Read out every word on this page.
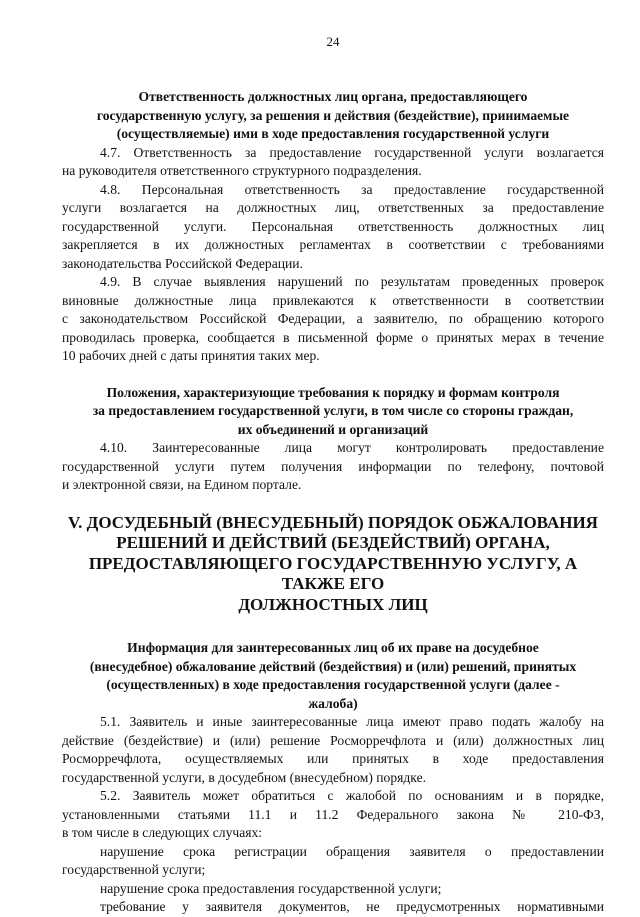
24
Ответственность должностных лиц органа, предоставляющего
государственную услугу, за решения и действия (бездействие), принимаемые
(осуществляемые) ими в ходе предоставления государственной услуги
4.7. Ответственность за предоставление государственной услуги возлагается
на руководителя ответственного структурного подразделения.
4.8. Персональная ответственность за предоставление государственной
услуги возлагается на должностных лиц, ответственных за предоставление
государственной услуги. Персональная ответственность должностных лиц
закрепляется в их должностных регламентах в соответствии с требованиями
законодательства Российской Федерации.
4.9. В случае выявления нарушений по результатам проведенных проверок
виновные должностные лица привлекаются к ответственности в соответствии
с законодательством Российской Федерации, а заявителю, по обращению которого
проводилась проверка, сообщается в письменной форме о принятых мерах в течение
10 рабочих дней с даты принятия таких мер.
Положения, характеризующие требования к порядку и формам контроля
за предоставлением государственной услуги, в том числе со стороны граждан,
их объединений и организаций
4.10. Заинтересованные лица могут контролировать предоставление
государственной услуги путем получения информации по телефону, почтовой
и электронной связи, на Едином портале.
V. ДОСУДЕБНЫЙ (ВНЕСУДЕБНЫЙ) ПОРЯДОК ОБЖАЛОВАНИЯ
РЕШЕНИЙ И ДЕЙСТВИЙ (БЕЗДЕЙСТВИЙ) ОРГАНА,
ПРЕДОСТАВЛЯЮЩЕГО ГОСУДАРСТВЕННУЮ УСЛУГУ, А ТАКЖЕ ЕГО
ДОЛЖНОСТНЫХ ЛИЦ
Информация для заинтересованных лиц об их праве на досудебное
(внесудебное) обжалование действий (бездействия) и (или) решений, принятых
(осуществленных) в ходе предоставления государственной услуги (далее -
жалоба)
5.1. Заявитель и иные заинтересованные лица имеют право подать жалобу на
действие (бездействие) и (или) решение Росморречфлота и (или) должностных лиц
Росморречфлота, осуществляемых или принятых в ходе предоставления
государственной услуги, в досудебном (внесудебном) порядке.
5.2. Заявитель может обратиться с жалобой по основаниям и в порядке,
установленными статьями 11.1 и 11.2 Федерального закона № 210-ФЗ,
в том числе в следующих случаях:
нарушение срока регистрации обращения заявителя о предоставлении
государственной услуги;
нарушение срока предоставления государственной услуги;
требование у заявителя документов, не предусмотренных нормативными
